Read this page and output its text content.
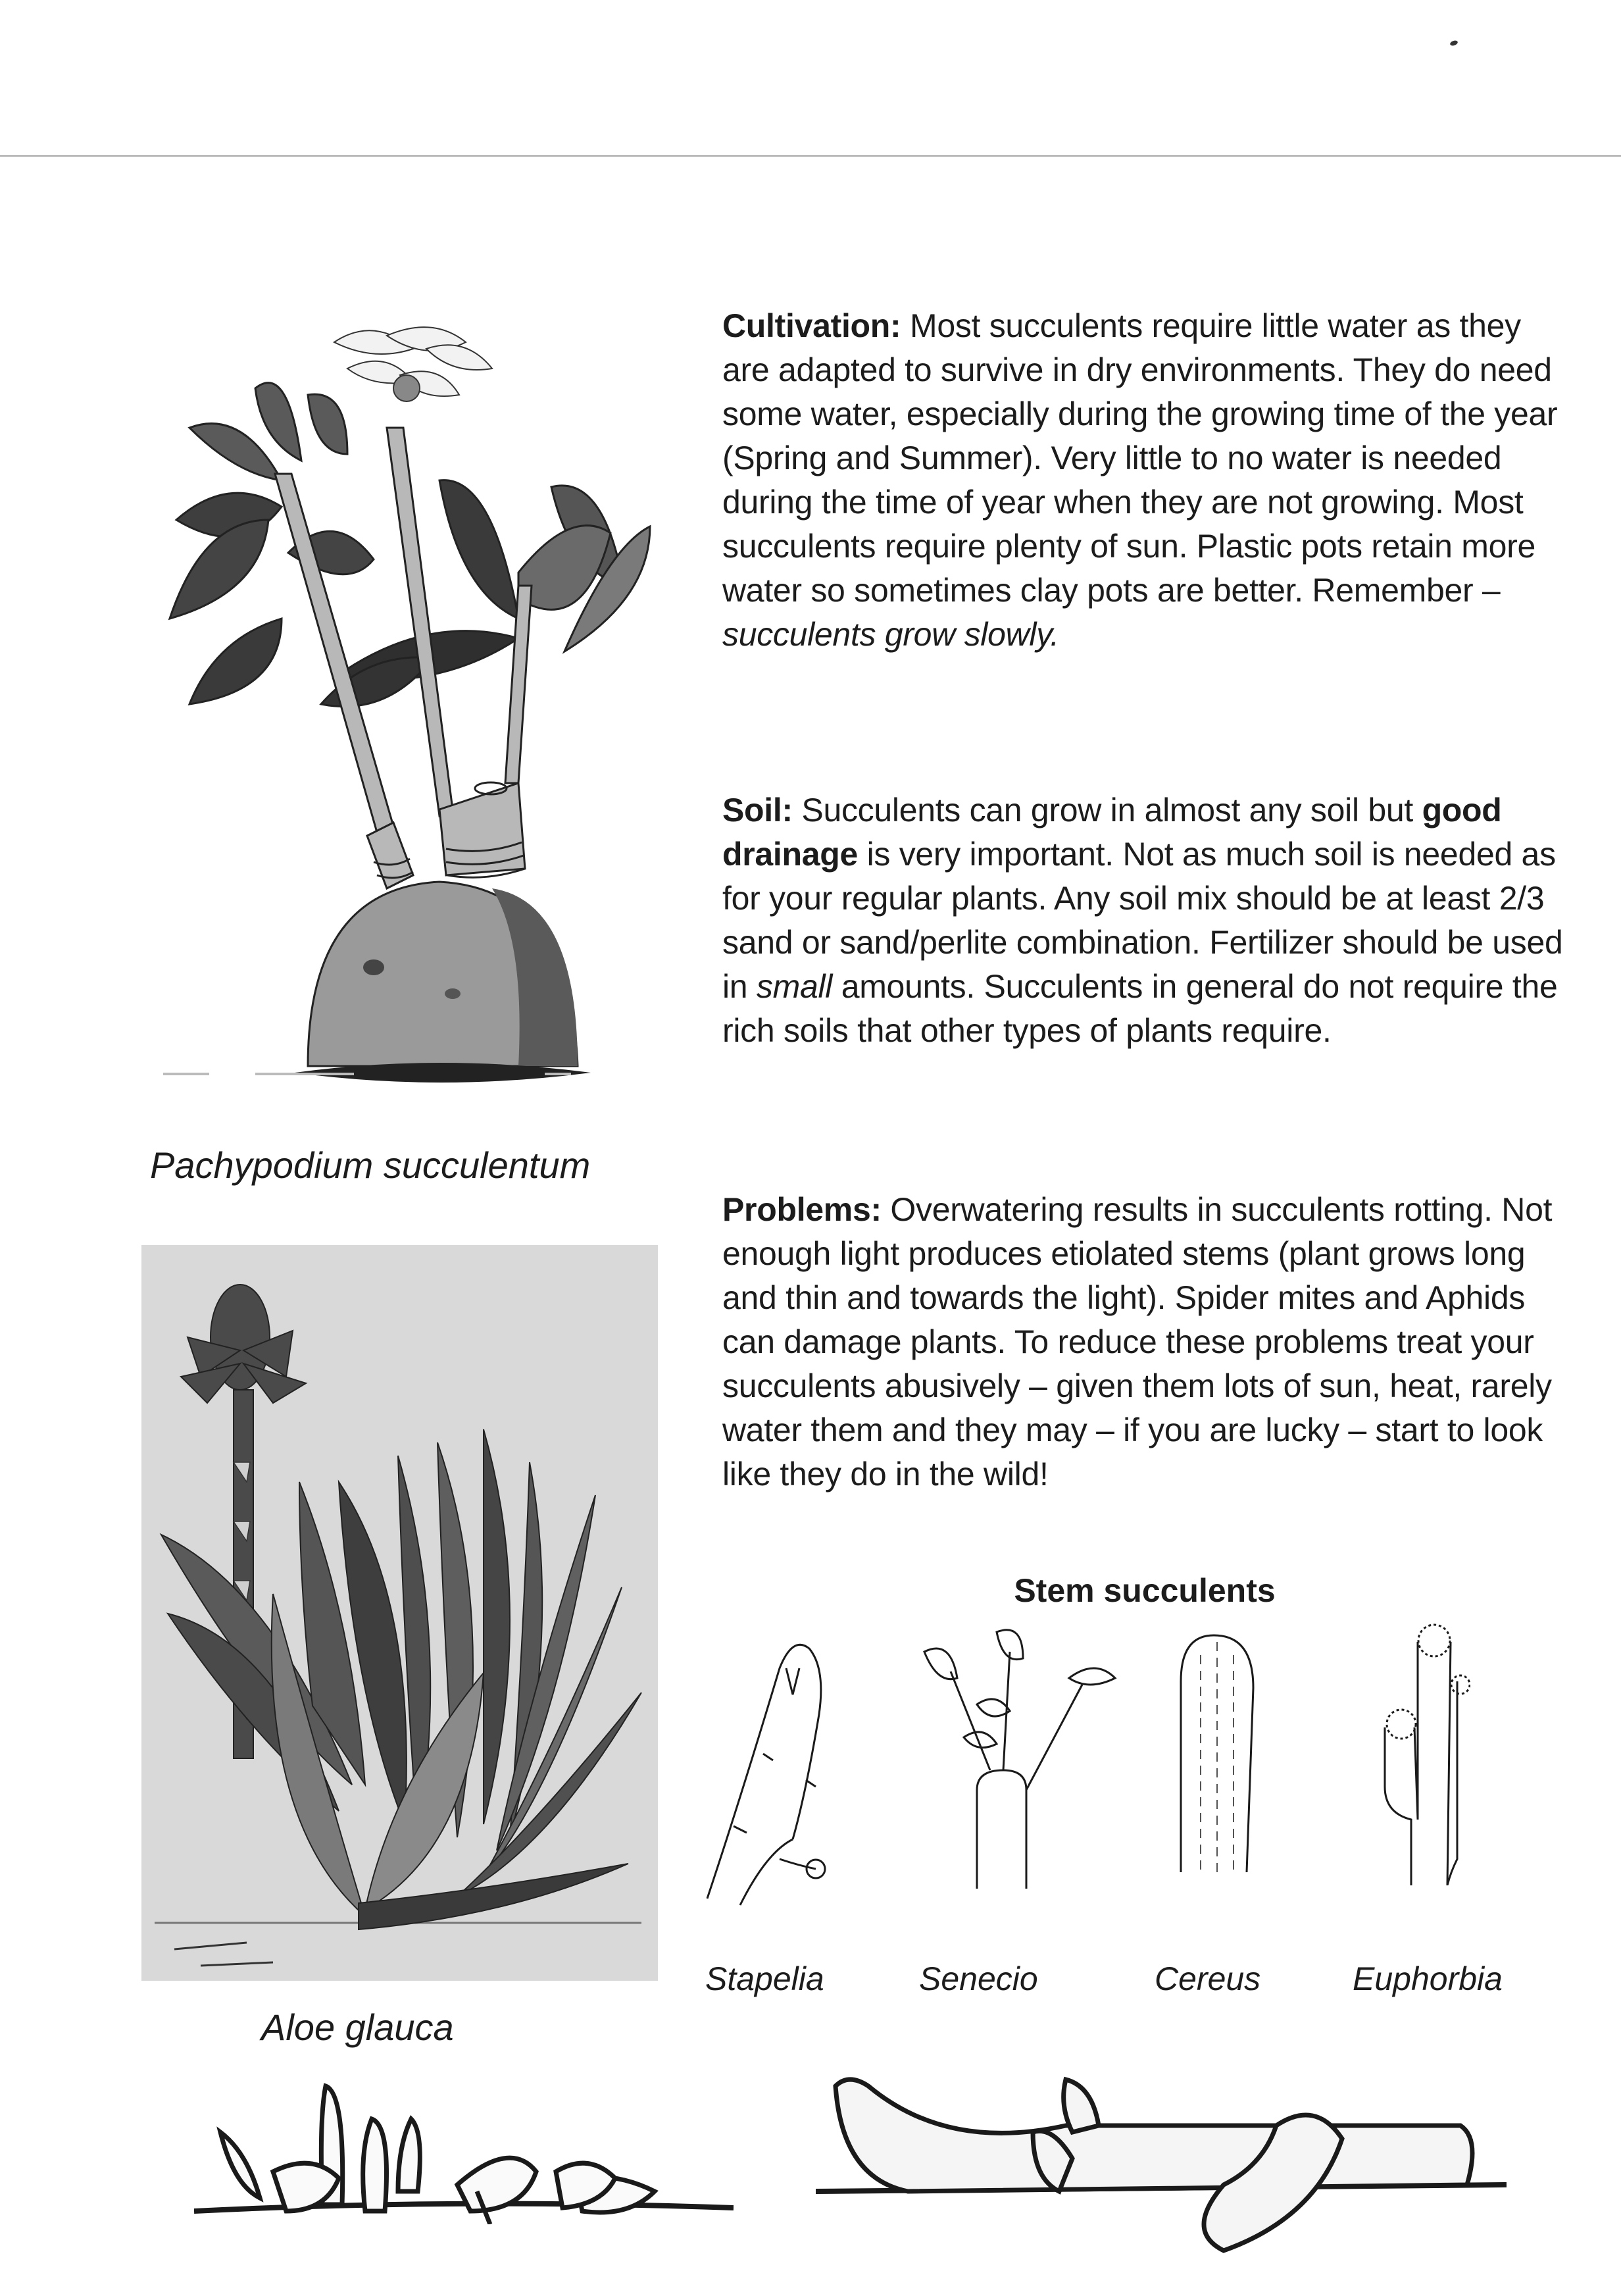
Pachypodium succulentum
Aloe glauca

Cultivation: Most succulents require little water as they are adapted to survive in dry environments. They do need some water, especially during the growing time of the year (Spring and Summer). Very little to no water is needed during the time of year when they are not growing. Most succulents require plenty of sun. Plastic pots retain more water so sometimes clay pots are better. Remember – succulents grow slowly.

Soil: Succulents can grow in almost any soil but good drainage is very important. Not as much soil is needed as for your regular plants. Any soil mix should be at least 2/3 sand or sand/perlite combination. Fertilizer should be used in small amounts. Succulents in general do not require the rich soils that other types of plants require.

Problems: Overwatering results in succulents rotting. Not enough light produces etiolated stems (plant grows long and thin and towards the light). Spider mites and Aphids can damage plants. To reduce these problems treat your succulents abusively – given them lots of sun, heat, rarely water them and they may – if you are lucky – start to look like they do in the wild!

Stem succulents
Stapelia	Senecio	Cereus	Euphorbia
